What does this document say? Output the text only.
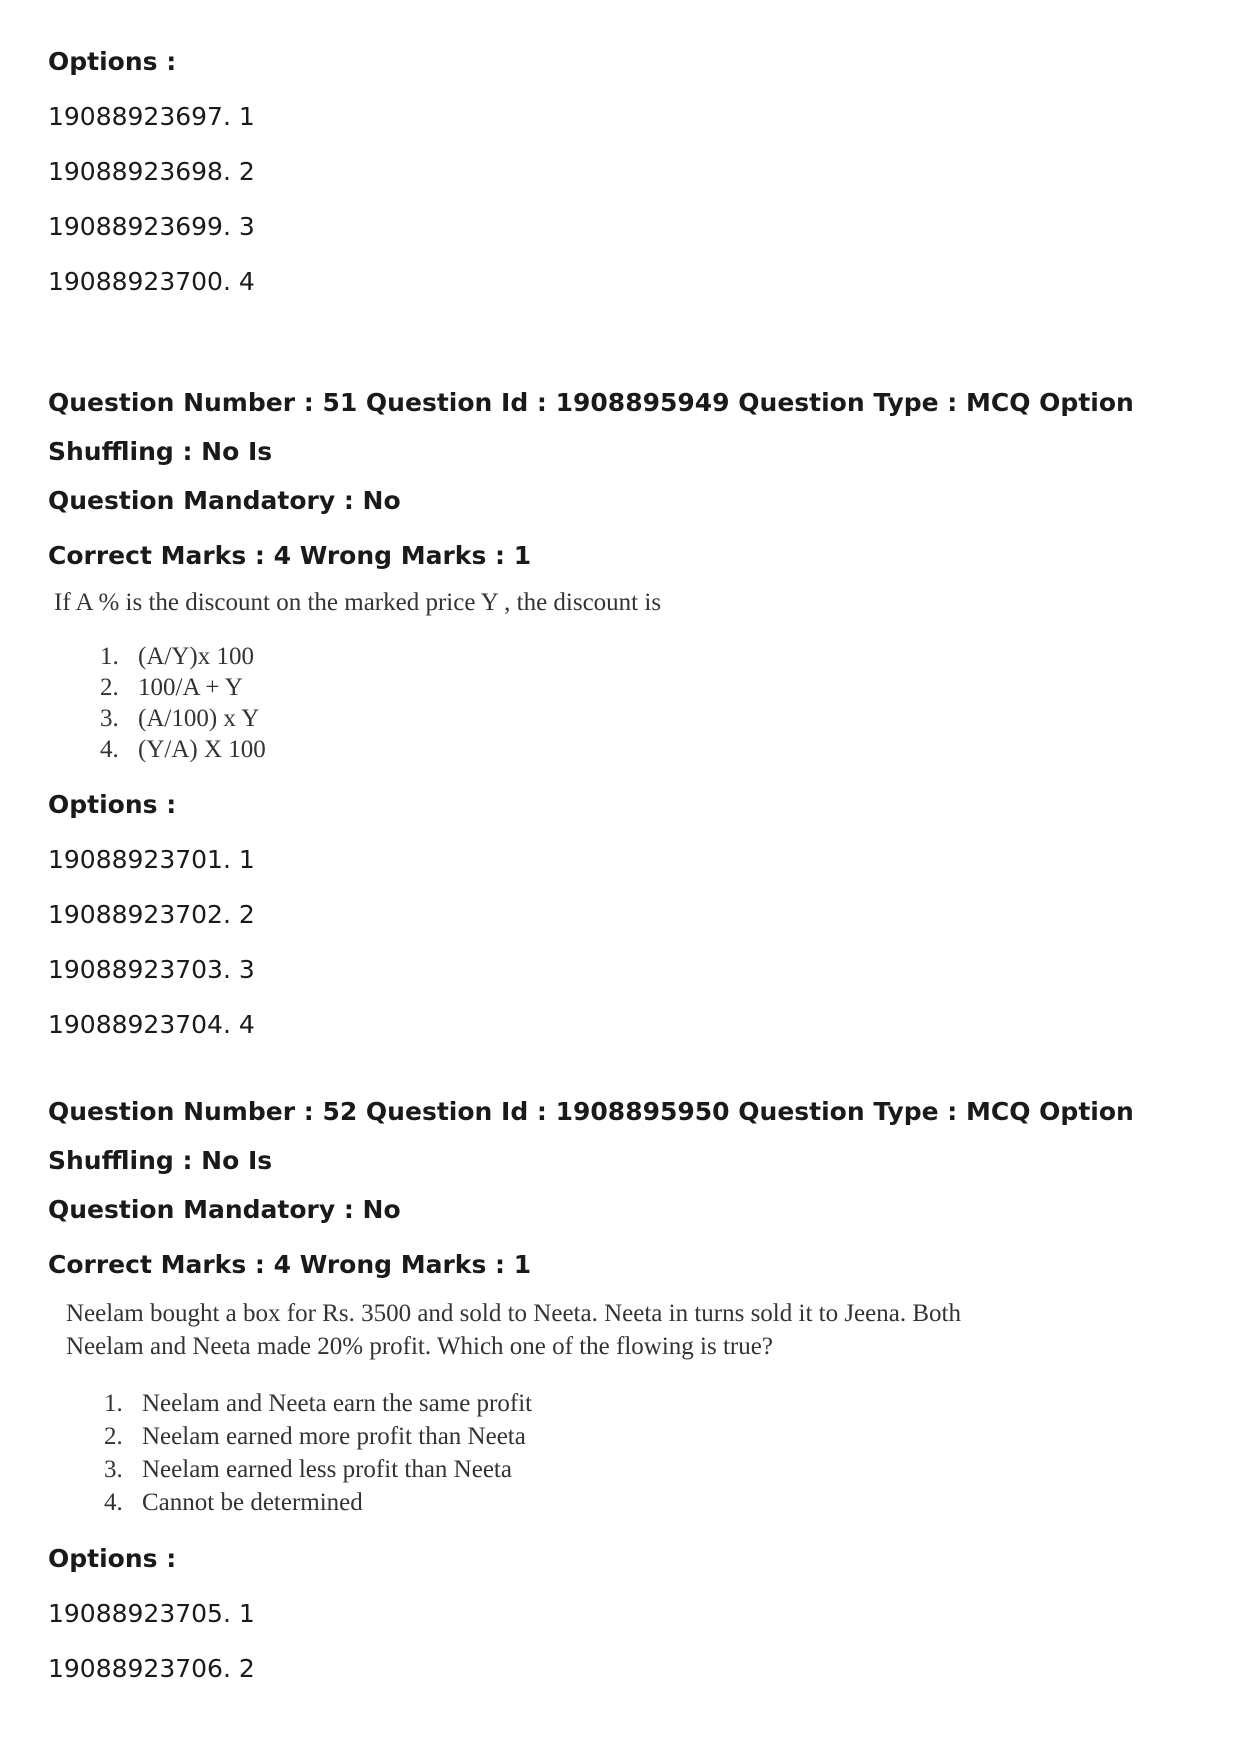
Options :

19088923697. 1

19088923698. 2

19088923699. 3

19088923700. 4

Question Number : 51 Question Id : 1908895949 Question Type : MCQ Option Shuffling : No Is

Question Mandatory : No

Correct Marks : 4 Wrong Marks : 1

If A % is the discount on the marked price Y , the discount is

1. (A/Y)x 100
2. 100/A + Y
3. (A/100) x Y
4. (Y/A) X 100

Options :

19088923701. 1

19088923702. 2

19088923703. 3

19088923704. 4

Question Number : 52 Question Id : 1908895950 Question Type : MCQ Option Shuffling : No Is

Question Mandatory : No

Correct Marks : 4 Wrong Marks : 1

Neelam bought a box for Rs. 3500 and sold to Neeta. Neeta in turns sold it to Jeena. Both

Neelam and Neeta made 20% profit. Which one of the flowing is true?

1. Neelam and Neeta earn the same profit
2. Neelam earned more profit than Neeta
3. Neelam earned less profit than Neeta
4. Cannot be determined

Options :

19088923705. 1

19088923706. 2
